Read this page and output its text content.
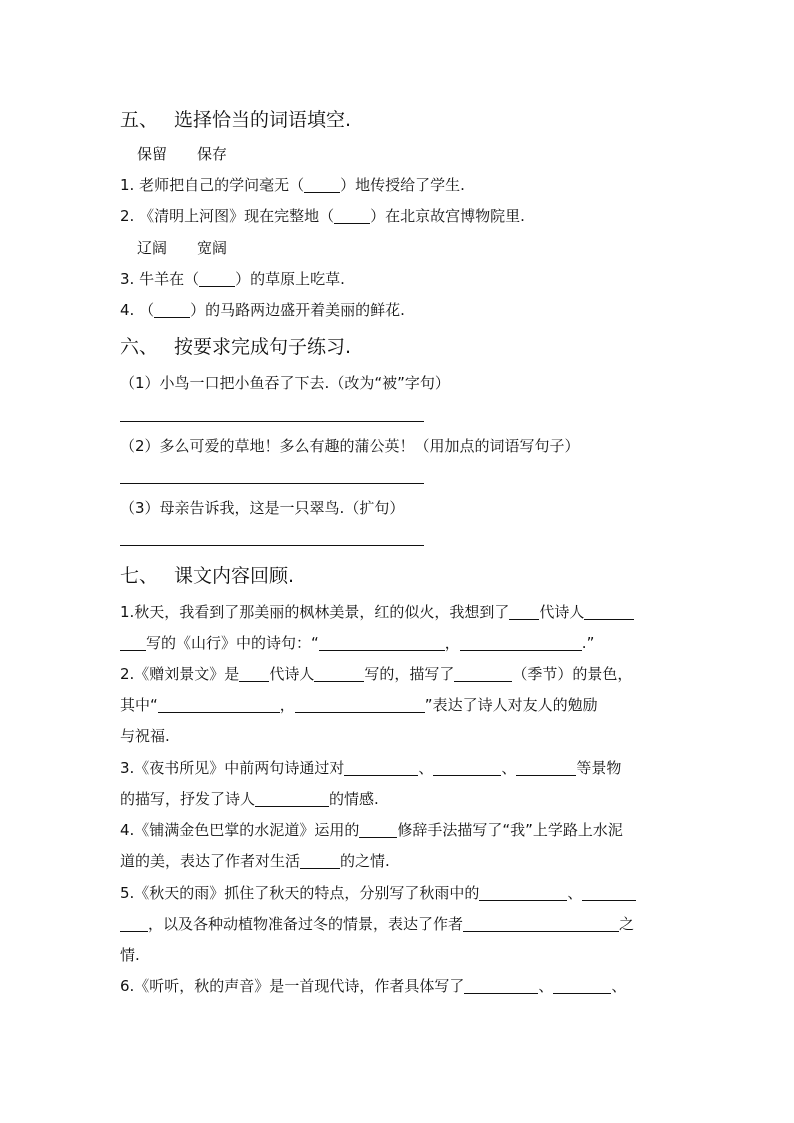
五、 选择恰当的词语填空.
保留 保存
1. 老师把自己的学问毫无（ ）地传授给了学生.
2. 《清明上河图》现在完整地（ ）在北京故宫博物院里.
辽阔 宽阔
3. 牛羊在（ ）的草原上吃草.
4. （ ）的马路两边盛开着美丽的鲜花.
六、 按要求完成句子练习.
（1）小鸟一口把小鱼吞了下去.（改为“被”字句）
（2）多么可爱的草地！多么有趣的蒲公英！（用加点的词语写句子）
（3）母亲告诉我，这是一只翠鸟.（扩句）
七、 课文内容回顾.
1.秋天，我看到了那美丽的枫林美景，红的似火，我想到了 代诗人
写的《山行》中的诗句：“	，	.”
2.《赠刘景文》是 代诗人	写的，描写了	（季节）的景色，
其中“	，	”表达了诗人对友人的勉励
与祝福.
3.《夜书所见》中前两句诗通过对	、	、	等景物
的描写，抒发了诗人	的情感.
4.《铺满金色巴掌的水泥道》运用的	修辞手法描写了“我”上学路上水泥
道的美，表达了作者对生活	的之情.
5.《秋天的雨》抓住了秋天的特点，分别写了秋雨中的	、
，以及各种动植物准备过冬的情景，表达了作者	之
情.
6.《听听，秋的声音》是一首现代诗，作者具体写了	、	、
